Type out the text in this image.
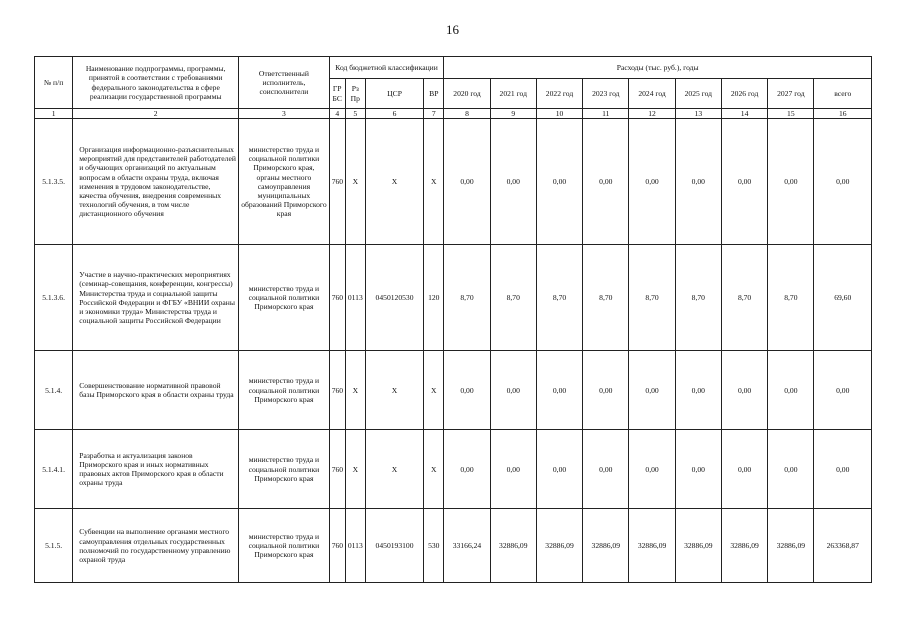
16
№ п/п	Наименование подпрограммы, программы, принятой в соответствии с требованиями федерального законодательства в сфере реализации государственной программы	Ответственный исполнитель, соисполнители	Код бюджетной классификации				Расходы (тыс. руб.), годы								
			ГР БС	Рз Пр	ЦСР	ВР	2020 год	2021 год	2022 год	2023 год	2024 год	2025 год	2026 год	2027 год	всего
1	2	3	4	5	6	7	8	9	10	11	12	13	14	15	16
5.1.3.5.	Организация информационно-разъяснительных мероприятий для представителей работодателей и обучающих организаций по актуальным вопросам в области охраны труда, включая изменения в трудовом законодательстве, качества обучения, внедрения современных технологий обучения, в том числе дистанционного обучения	министерство труда и социальной политики Приморского края, органы местного самоуправления муниципальных образований Приморского края	760	X	X	X	0,00	0,00	0,00	0,00	0,00	0,00	0,00	0,00	0,00
5.1.3.6.	Участие в научно-практических мероприятиях (семинар-совещания, конференции, конгрессы) Министерства труда и социальной защиты Российской Федерации и ФГБУ «ВНИИ охраны и экономики труда» Министерства труда и социальной защиты Российской Федерации	министерство труда и социальной политики Приморского края	760	0113	0450120530	120	8,70	8,70	8,70	8,70	8,70	8,70	8,70	8,70	69,60
5.1.4.	Совершенствование нормативной правовой базы Приморского края в области охраны труда	министерство труда и социальной политики Приморского края	760	X	X	X	0,00	0,00	0,00	0,00	0,00	0,00	0,00	0,00	0,00
5.1.4.1.	Разработка и актуализация законов Приморского края и иных нормативных правовых актов Приморского края в области охраны труда	министерство труда и социальной политики Приморского края	760	X	X	X	0,00	0,00	0,00	0,00	0,00	0,00	0,00	0,00	0,00
5.1.5.	Субвенции на выполнение органами местного самоуправления отдельных государственных полномочий по государственному управлению охраной труда	министерство труда и социальной политики Приморского края	760	0113	0450193100	530	33166,24	32886,09	32886,09	32886,09	32886,09	32886,09	32886,09	32886,09	263368,87
